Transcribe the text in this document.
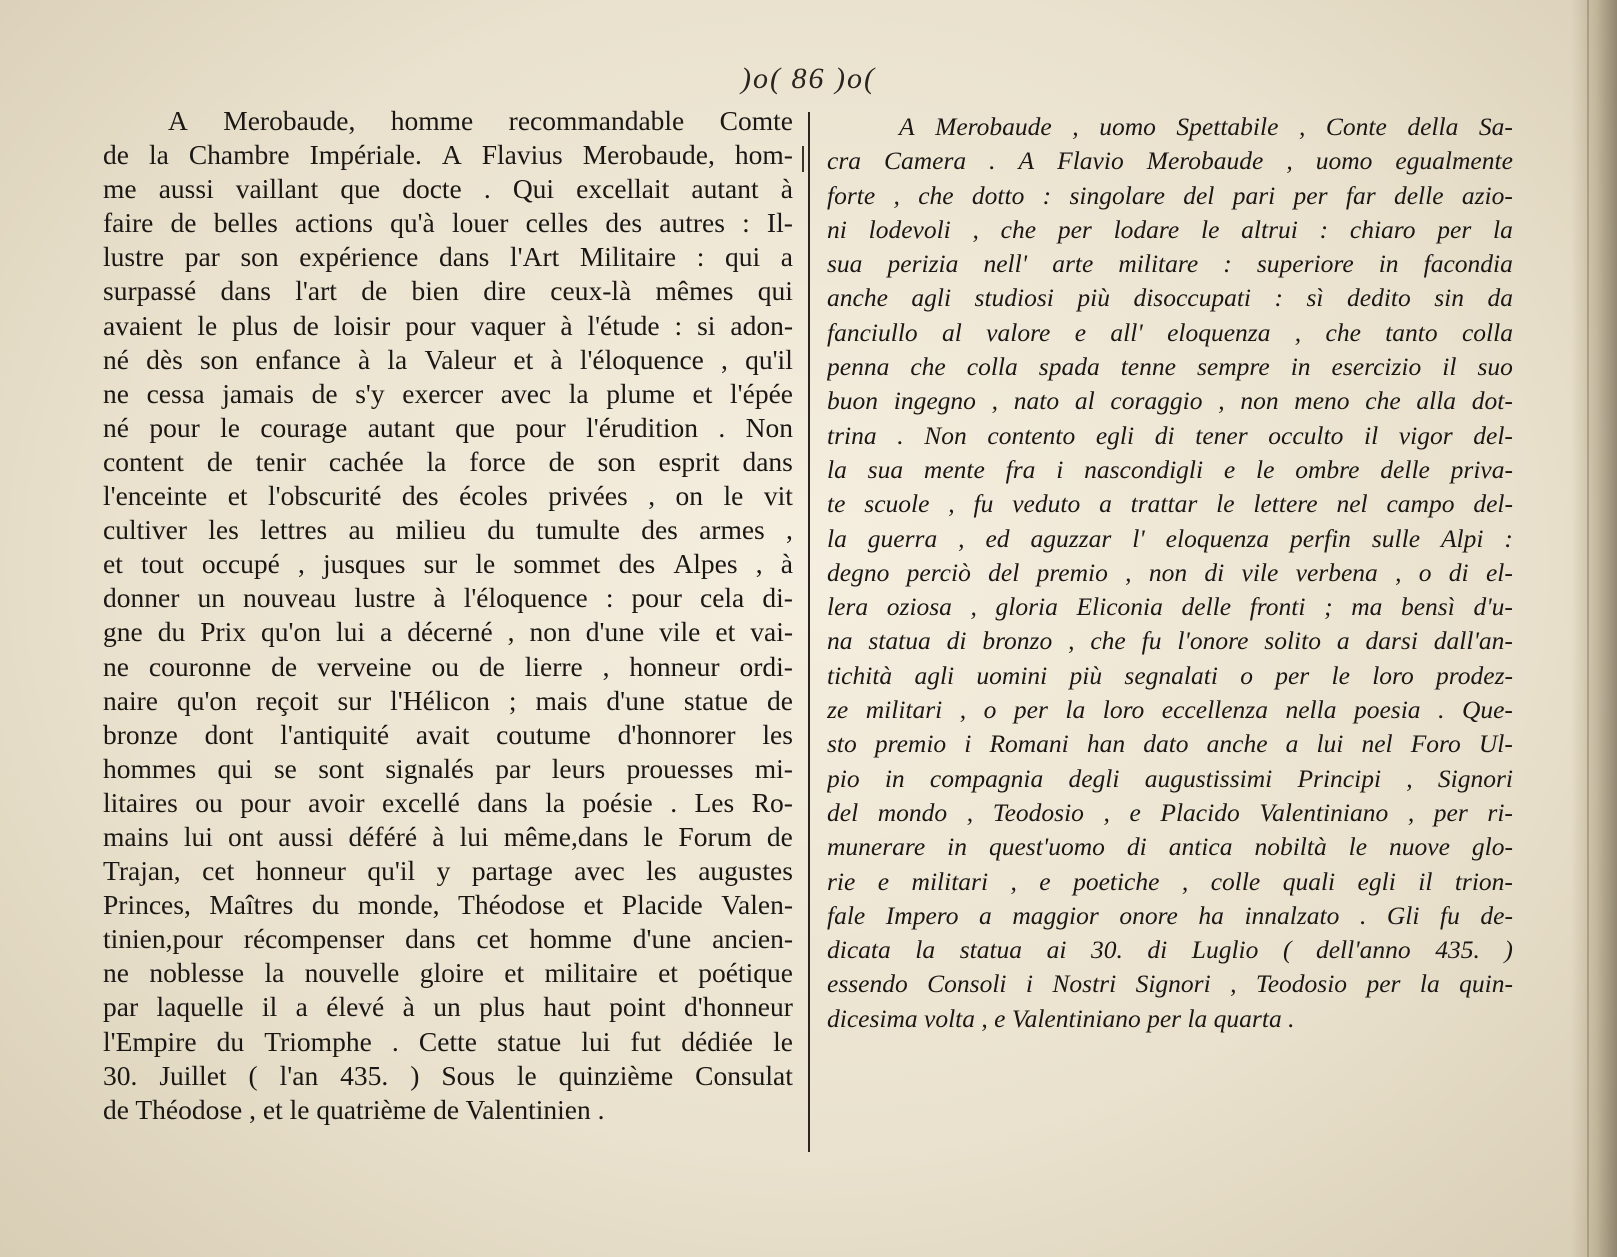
)o( 86 )o(
A Merobaude, homme recommandable Comte
de la Chambre Impériale. A Flavius Merobaude, hom-
me aussi vaillant que docte . Qui excellait autant à
faire de belles actions qu'à louer celles des autres : Il-
lustre par son expérience dans l'Art Militaire : qui a
surpassé dans l'art de bien dire ceux-là mêmes qui
avaient le plus de loisir pour vaquer à l'étude : si adon-
né dès son enfance à la Valeur et à l'éloquence , qu'il
ne cessa jamais de s'y exercer avec la plume et l'épée
né pour le courage autant que pour l'érudition . Non
content de tenir cachée la force de son esprit dans
l'enceinte et l'obscurité des écoles privées , on le vit
cultiver les lettres au milieu du tumulte des armes ,
et tout occupé , jusques sur le sommet des Alpes , à
donner un nouveau lustre à l'éloquence : pour cela di-
gne du Prix qu'on lui a décerné , non d'une vile et vai-
ne couronne de verveine ou de lierre , honneur ordi-
naire qu'on reçoit sur l'Hélicon ; mais d'une statue de
bronze dont l'antiquité avait coutume d'honnorer les
hommes qui se sont signalés par leurs prouesses mi-
litaires ou pour avoir excellé dans la poésie . Les Ro-
mains lui ont aussi déféré à lui même,dans le Forum de
Trajan, cet honneur qu'il y partage avec les augustes
Princes, Maîtres du monde, Théodose et Placide Valen-
tinien,pour récompenser dans cet homme d'une ancien-
ne noblesse la nouvelle gloire et militaire et poétique
par laquelle il a élevé à un plus haut point d'honneur
l'Empire du Triomphe . Cette statue lui fut dédiée le
30. Juillet ( l'an 435. ) Sous le quinzième Consulat
de Théodose , et le quatrième de Valentinien .
A Merobaude , uomo Spettabile , Conte della Sa-
cra Camera . A Flavio Merobaude , uomo egualmente
forte , che dotto : singolare del pari per far delle azio-
ni lodevoli , che per lodare le altrui : chiaro per la
sua perizia nell' arte militare : superiore in facondia
anche agli studiosi più disoccupati : sì dedito sin da
fanciullo al valore e all' eloquenza , che tanto colla
penna che colla spada tenne sempre in esercizio il suo
buon ingegno , nato al coraggio , non meno che alla dot-
trina . Non contento egli di tener occulto il vigor del-
la sua mente fra i nascondigli e le ombre delle priva-
te scuole , fu veduto a trattar le lettere nel campo del-
la guerra , ed aguzzar l' eloquenza perfin sulle Alpi :
degno perciò del premio , non di vile verbena , o di el-
lera oziosa , gloria Eliconia delle fronti ; ma bensì d'u-
na statua di bronzo , che fu l'onore solito a darsi dall'an-
tichità agli uomini più segnalati o per le loro prodez-
ze militari , o per la loro eccellenza nella poesia . Que-
sto premio i Romani han dato anche a lui nel Foro Ul-
pio in compagnia degli augustissimi Principi , Signori
del mondo , Teodosio , e Placido Valentiniano , per ri-
munerare in quest'uomo di antica nobiltà le nuove glo-
rie e militari , e poetiche , colle quali egli il trion-
fale Impero a maggior onore ha innalzato . Gli fu de-
dicata la statua ai 30. di Luglio ( dell'anno 435. )
essendo Consoli i Nostri Signori , Teodosio per la quin-
dicesima volta , e Valentiniano per la quarta .
